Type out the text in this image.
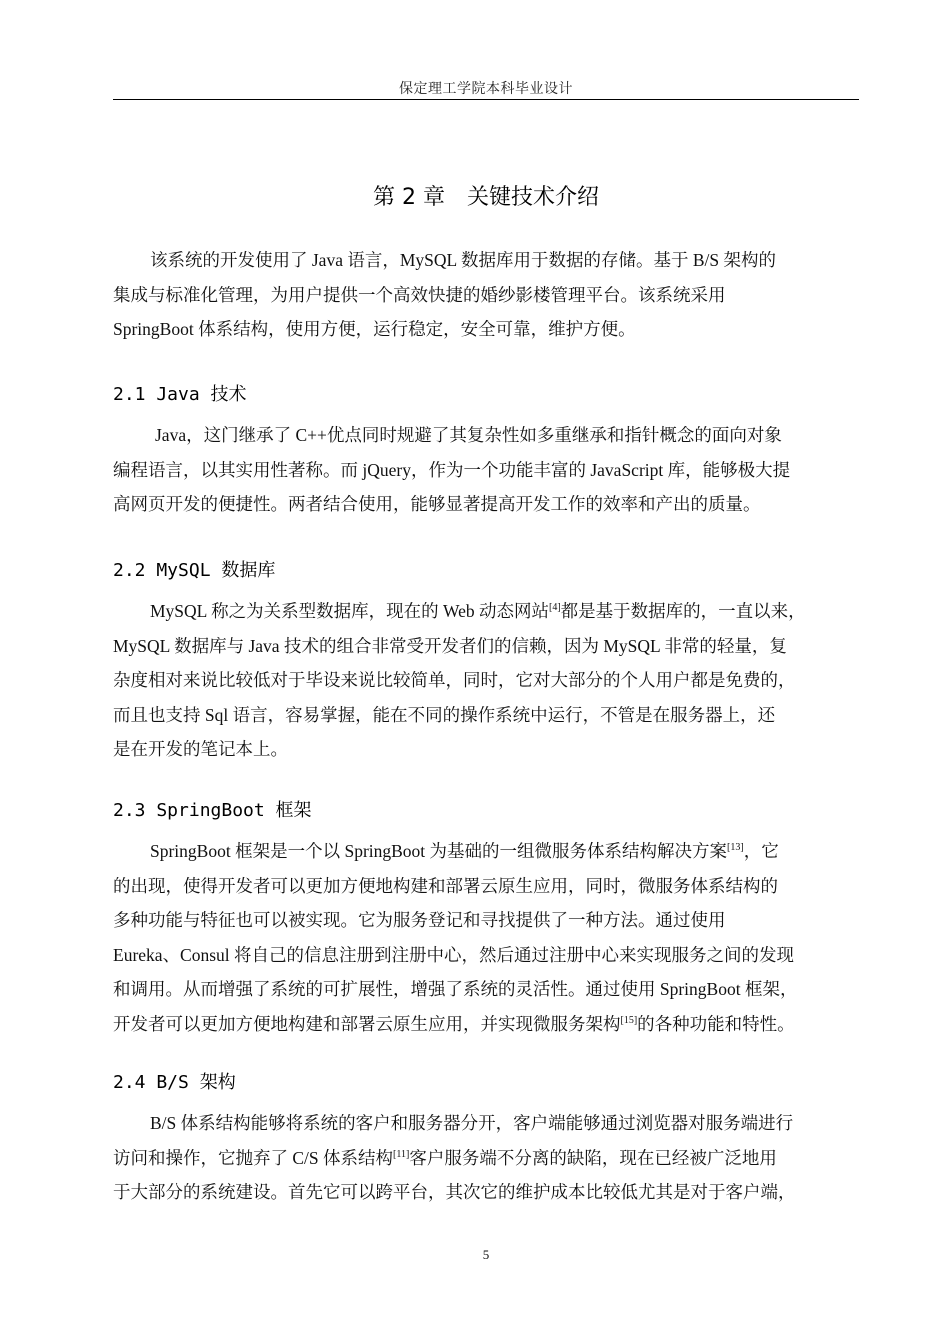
保定理工学院本科毕业设计
第 2 章　关键技术介绍
该系统的开发使用了 Java 语言，MySQL 数据库用于数据的存储。基于 B/S 架构的
集成与标准化管理，为用户提供一个高效快捷的婚纱影楼管理平台。该系统采用
SpringBoot 体系结构，使用方便，运行稳定，安全可靠，维护方便。
2.1 Java 技术
Java，这门继承了 C++优点同时规避了其复杂性如多重继承和指针概念的面向对象
编程语言，以其实用性著称。而 jQuery，作为一个功能丰富的 JavaScript 库，能够极大提
高网页开发的便捷性。两者结合使用，能够显著提高开发工作的效率和产出的质量。
2.2 MySQL 数据库
MySQL 称之为关系型数据库，现在的 Web 动态网站[4]都是基于数据库的，一直以来，
MySQL 数据库与 Java 技术的组合非常受开发者们的信赖，因为 MySQL 非常的轻量，复
杂度相对来说比较低对于毕设来说比较简单，同时，它对大部分的个人用户都是免费的，
而且也支持 Sql 语言，容易掌握，能在不同的操作系统中运行，不管是在服务器上，还
是在开发的笔记本上。
2.3 SpringBoot 框架
SpringBoot 框架是一个以 SpringBoot 为基础的一组微服务体系结构解决方案[13]，它
的出现，使得开发者可以更加方便地构建和部署云原生应用，同时，微服务体系结构的
多种功能与特征也可以被实现。它为服务登记和寻找提供了一种方法。通过使用
Eureka、Consul 将自己的信息注册到注册中心，然后通过注册中心来实现服务之间的发现
和调用。从而增强了系统的可扩展性，增强了系统的灵活性。通过使用 SpringBoot 框架，
开发者可以更加方便地构建和部署云原生应用，并实现微服务架构[15]的各种功能和特性。
2.4 B/S 架构
B/S 体系结构能够将系统的客户和服务器分开，客户端能够通过浏览器对服务端进行
访问和操作，它抛弃了 C/S 体系结构[11]客户服务端不分离的缺陷，现在已经被广泛地用
于大部分的系统建设。首先它可以跨平台，其次它的维护成本比较低尤其是对于客户端，
5
